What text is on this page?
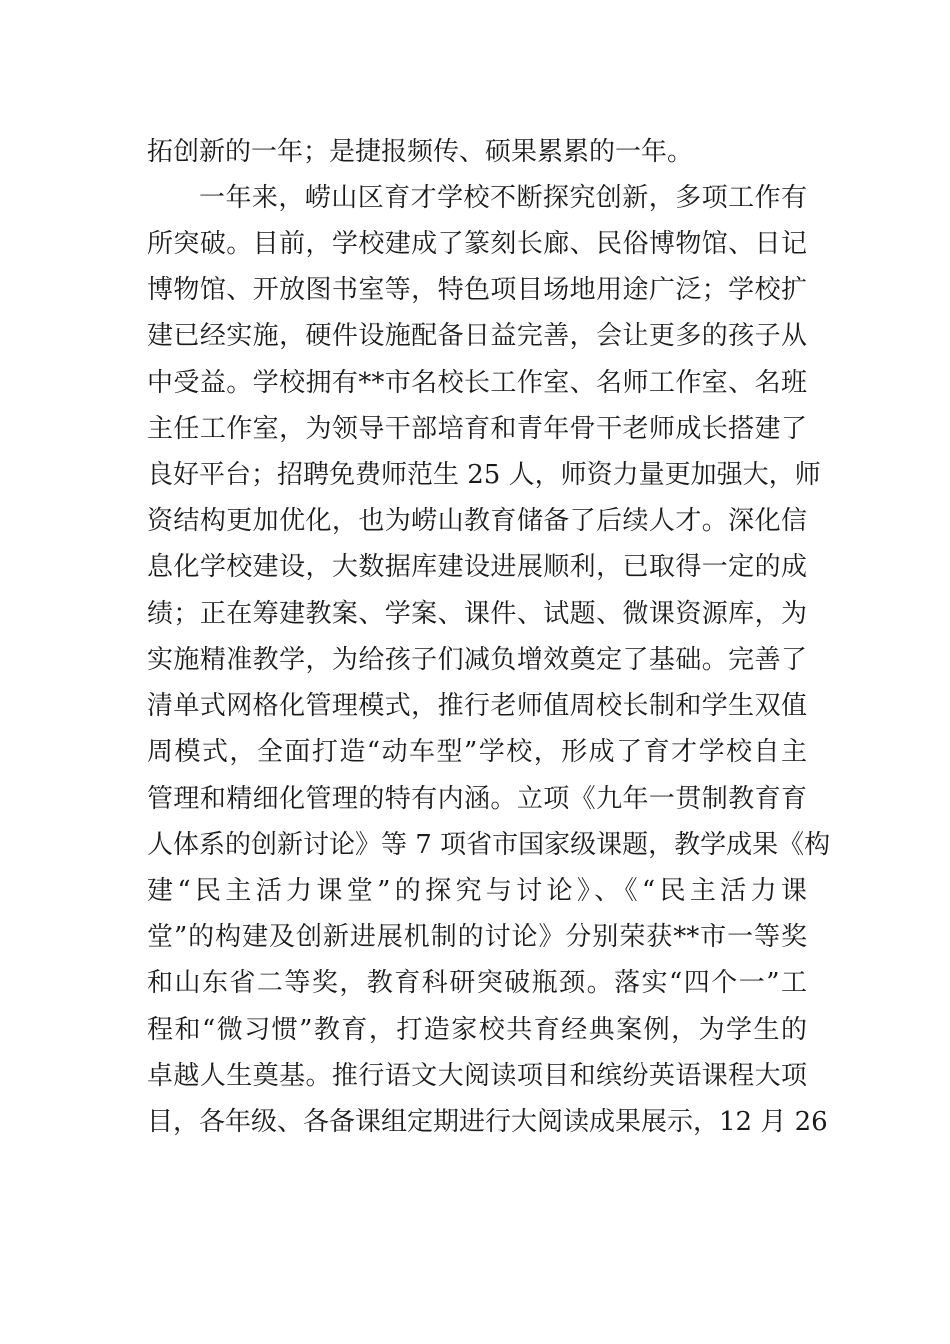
拓创新的一年；是捷报频传、硕果累累的一年。
一年来，崂山区育才学校不断探究创新，多项工作有
所突破。目前，学校建成了篆刻长廊、民俗博物馆、日记
博物馆、开放图书室等，特色项目场地用途广泛；学校扩
建已经实施，硬件设施配备日益完善，会让更多的孩子从
中受益。学校拥有**市名校长工作室、名师工作室、名班
主任工作室，为领导干部培育和青年骨干老师成长搭建了
良好平台；招聘免费师范生 25 人，师资力量更加强大，师
资结构更加优化，也为崂山教育储备了后续人才。深化信
息化学校建设，大数据库建设进展顺利，已取得一定的成
绩；正在筹建教案、学案、课件、试题、微课资源库，为
实施精准教学，为给孩子们减负增效奠定了基础。完善了
清单式网格化管理模式，推行老师值周校长制和学生双值
周模式，全面打造“动车型”学校，形成了育才学校自主
管理和精细化管理的特有内涵。立项《九年一贯制教育育
人体系的创新讨论》等 7 项省市国家级课题，教学成果《构
建“民主活力课堂”的探究与讨论》、《“民主活力课
堂”的构建及创新进展机制的讨论》分别荣获**市一等奖
和山东省二等奖，教育科研突破瓶颈。落实“四个一”工
程和“微习惯”教育，打造家校共育经典案例，为学生的
卓越人生奠基。推行语文大阅读项目和缤纷英语课程大项
目，各年级、各备课组定期进行大阅读成果展示，12 月 26
